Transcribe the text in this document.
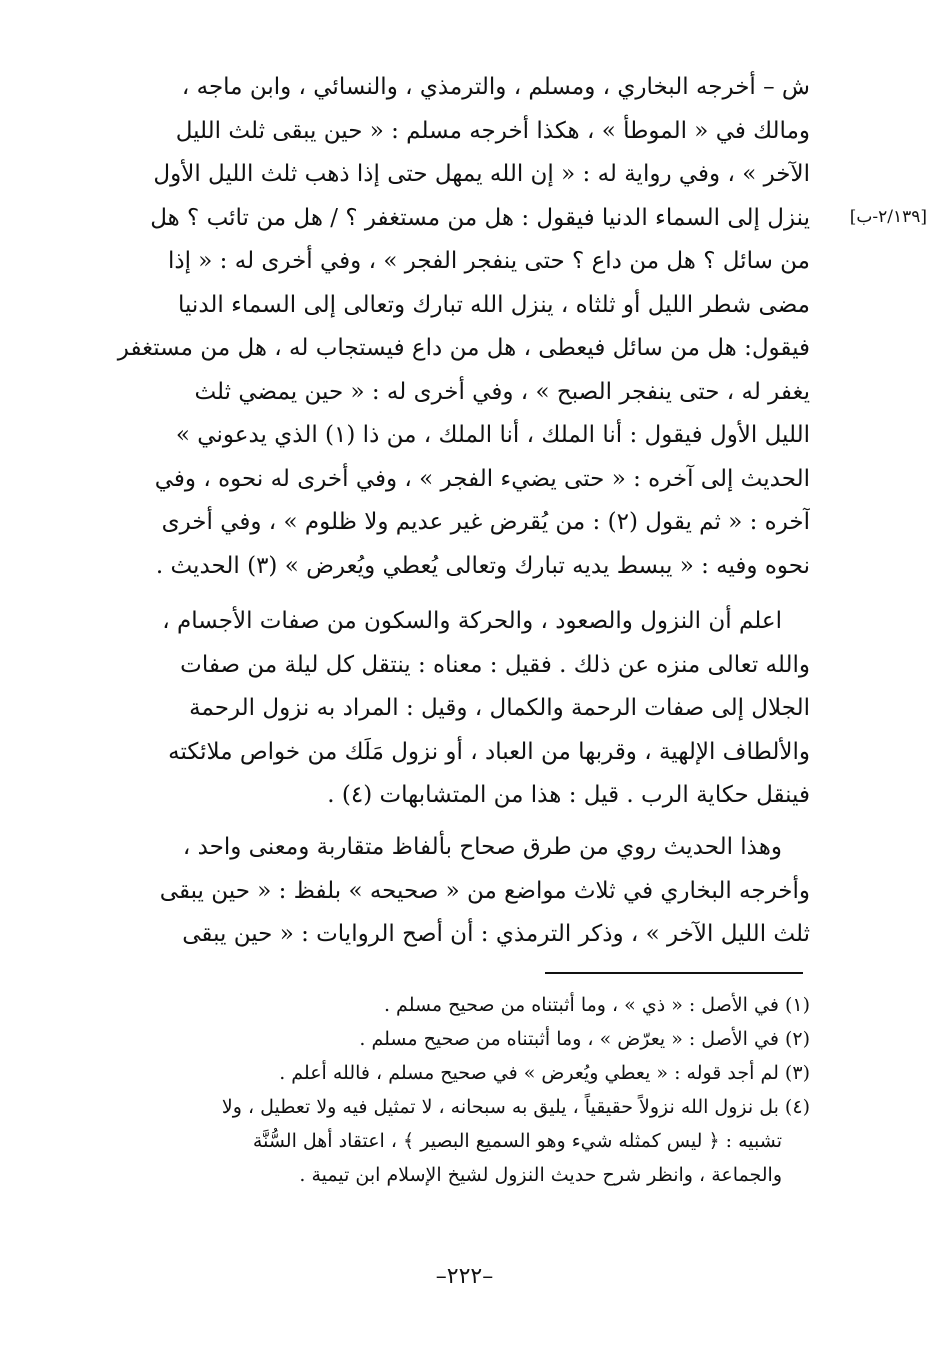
[٢/١٣٩-ب]
ش – أخرجه البخاري ، ومسلم ، والترمذي ، والنسائي ، وابن ماجه ،
ومالك في « الموطأ » ، هكذا أخرجه مسلم : « حين يبقى ثلث الليل
الآخر » ، وفي رواية له : « إن الله يمهل حتى إذا ذهب ثلث الليل الأول
ينزل إلى السماء الدنيا فيقول : هل من مستغفر ؟ / هل من تائب ؟ هل
من سائل ؟ هل من داع ؟ حتى ينفجر الفجر » ، وفي أخرى له : « إذا
مضى شطر الليل أو ثلثاه ، ينزل الله تبارك وتعالى إلى السماء الدنيا
فيقول: هل من سائل فيعطى ، هل من داع فيستجاب له ، هل من مستغفر
يغفر له ، حتى ينفجر الصبح » ، وفي أخرى له : « حين يمضي ثلث
الليل الأول فيقول : أنا الملك ، أنا الملك ، من ذا (١) الذي يدعوني »
الحديث إلى آخره : « حتى يضيء الفجر » ، وفي أخرى له نحوه ، وفي
آخره : « ثم يقول (٢) : من يُقرض غير عديم ولا ظلوم » ، وفي أخرى
نحوه وفيه : « يبسط يديه تبارك وتعالى يُعطي ويُعرض » (٣) الحديث .
اعلم أن النزول والصعود ، والحركة والسكون من صفات الأجسام ،
والله تعالى منزه عن ذلك . فقيل : معناه : ينتقل كل ليلة من صفات
الجلال إلى صفات الرحمة والكمال ، وقيل : المراد به نزول الرحمة
والألطاف الإلهية ، وقربها من العباد ، أو نزول مَلَك من خواص ملائكته
فينقل حكاية الرب . قيل : هذا من المتشابهات (٤) .
وهذا الحديث روي من طرق صحاح بألفاظ متقاربة ومعنى واحد ،
وأخرجه البخاري في ثلاث مواضع من « صحيحه » بلفظ : « حين يبقى
ثلث الليل الآخر » ، وذكر الترمذي : أن أصح الروايات : « حين يبقى
(١) في الأصل : « ذي » ، وما أثبتناه من صحيح مسلم .
(٢) في الأصل : « يعرّض » ، وما أثبتناه من صحيح مسلم .
(٣) لم أجد قوله : « يعطي ويُعرض » في صحيح مسلم ، فالله أعلم .
(٤) بل نزول الله نزولاً حقيقياً ، يليق به سبحانه ، لا تمثيل فيه ولا تعطيل ، ولا
تشبيه : ﴿ ليس كمثله شيء وهو السميع البصير ﴾ ، اعتقاد أهل السُّنَّة
والجماعة ، وانظر شرح حديث النزول لشيخ الإسلام ابن تيمية .
–٢٢٢–
